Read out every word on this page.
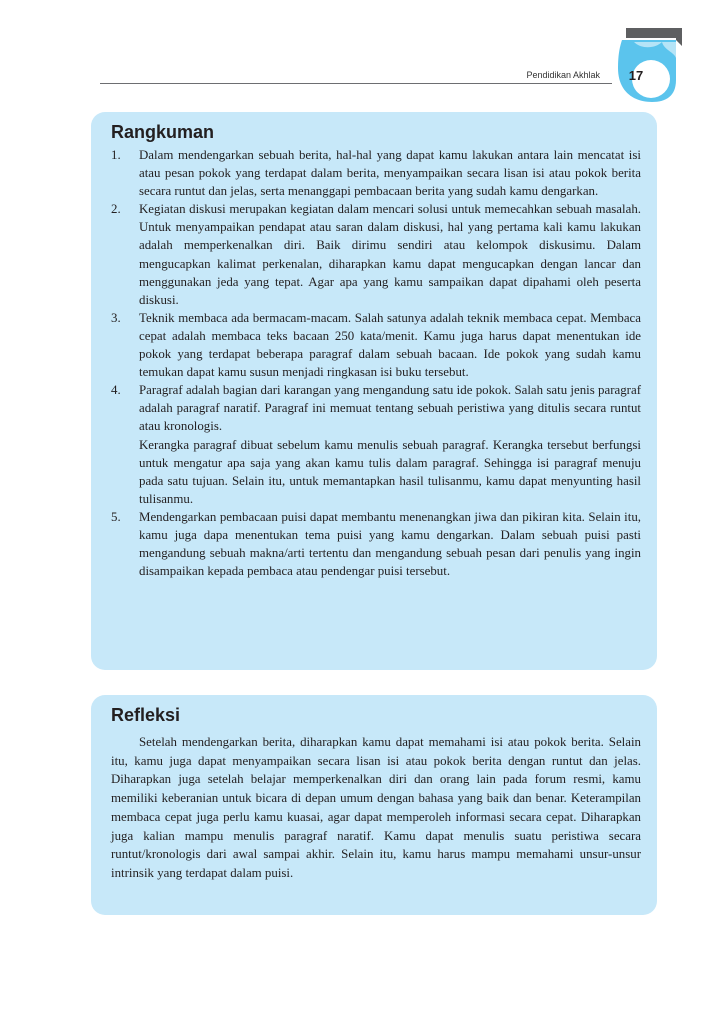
Pendidikan Akhlak	17
Rangkuman
1. Dalam mendengarkan sebuah berita, hal-hal yang dapat kamu lakukan antara lain mencatat isi atau pesan pokok yang terdapat dalam berita, menyampaikan secara lisan isi atau pokok berita secara runtut dan jelas, serta menanggapi pembacaan berita yang sudah kamu dengarkan.

2. Kegiatan diskusi merupakan kegiatan dalam mencari solusi untuk memecahkan sebuah masalah. Untuk menyampaikan pendapat atau saran dalam diskusi, hal yang pertama kali kamu lakukan adalah memperkenalkan diri. Baik dirimu sendiri atau kelompok diskusimu. Dalam mengucapkan kalimat perkenalan, diharapkan kamu dapat mengucapkan dengan lancar dan menggunakan jeda yang tepat. Agar apa yang kamu sampaikan dapat dipahami oleh peserta diskusi.

3. Teknik membaca ada bermacam-macam. Salah satunya adalah teknik membaca cepat. Membaca cepat adalah membaca teks bacaan 250 kata/menit. Kamu juga harus dapat menentukan ide pokok yang terdapat beberapa paragraf dalam sebuah bacaan. Ide pokok yang sudah kamu temukan dapat kamu susun menjadi ringkasan isi buku tersebut.

4. Paragraf adalah bagian dari karangan yang mengandung satu ide pokok. Salah satu jenis paragraf adalah paragraf naratif. Paragraf ini memuat tentang sebuah peristiwa yang ditulis secara runtut atau kronologis.

Kerangka paragraf dibuat sebelum kamu menulis sebuah paragraf. Kerangka tersebut berfungsi untuk mengatur apa saja yang akan kamu tulis dalam paragraf. Sehingga isi paragraf menuju pada satu tujuan. Selain itu, untuk memantapkan hasil tulisanmu, kamu dapat menyunting hasil tulisanmu.

5. Mendengarkan pembacaan puisi dapat membantu menenangkan jiwa dan pikiran kita. Selain itu, kamu juga dapa menentukan tema puisi yang kamu dengarkan. Dalam sebuah puisi pasti mengandung sebuah makna/arti tertentu dan mengandung sebuah pesan dari penulis yang ingin disampaikan kepada pembaca atau pendengar puisi tersebut.

Refleksi

Setelah mendengarkan berita, diharapkan kamu dapat memahami isi atau pokok berita. Selain itu, kamu juga dapat menyampaikan secara lisan isi atau pokok berita dengan runtut dan jelas. Diharapkan juga setelah belajar memperkenalkan diri dan orang lain pada forum resmi, kamu memiliki keberanian untuk bicara di depan umum dengan bahasa yang baik dan benar. Keterampilan membaca cepat juga perlu kamu kuasai, agar dapat memperoleh informasi secara cepat. Diharapkan juga kalian mampu menulis paragraf naratif. Kamu dapat menulis suatu peristiwa secara runtut/kronologis dari awal sampai akhir. Selain itu, kamu harus mampu memahami unsur-unsur intrinsik yang terdapat dalam puisi.
